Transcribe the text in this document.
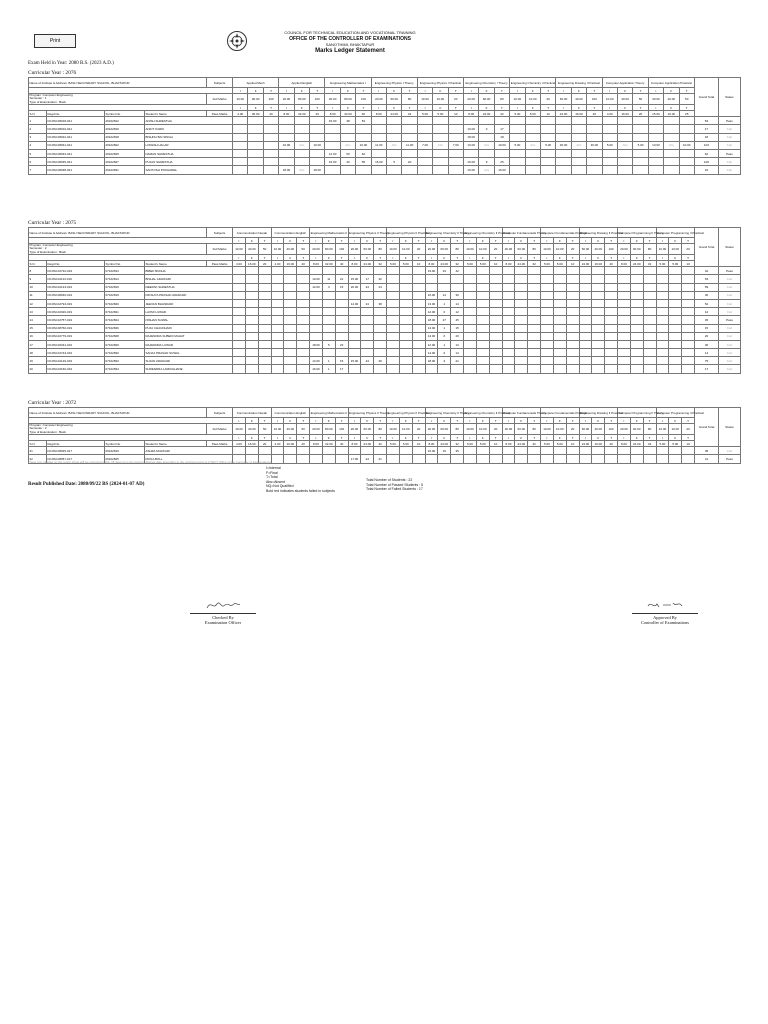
Print
COUNCIL FOR TECHNICAL EDUCATION AND VOCATIONAL TRAINING
OFFICE OF THE CONTROLLER OF EXAMINATIONS
SANOTHIMI, BHAKTAPUR
Marks Ledger Statement
Exam Held in Year: 2080 B.S. (2023 A.D.)
Curricular Year : 2076
Name of Institute & Address: BASU SECONDARY SCHOOL, BHAKTAPUR				Subjects	Applied Mech			Applied English			Engineering Mathematics I			Engineering Physics I Theory			Engineering Physics I Practical			Engineering Chemistry I Theory			Engineering Chemistry I Practical			Engineering Drawing I Practical			Computer Application Theory			Computer Application Practical			Grand Total	Status
					I	F	T	I	F	T	I	F	T	I	F	T	I	F	T	I	F	T	I	F	T	I	F	T	I	F	T	I	F	T		

Program: Computer Engineering
Semester : 1
Type of Examination : Back				Full Marks	10.00	90.00	100	20.00	80.00	100	20.00	80.00	100	20.00	60.00	80	10.00	10.00	20	20.00	60.00	80	10.00	10.00	20	60.00	40.00	100	10.00	40.00	50	30.00	20.00	50		
					I	F	T	I	F	T	I	F	T	I	F	T	I	F	T	I	F	T	I	F	T	I	F	T	I	F	T	I	F	T		
S.N.	Regd No.	Symbol No.	Student's Name	Pass Marks	4.00	36.00	40	8.00	32.00	40	8.00	32.00	40	8.00	24.00	32	5.00	5.00	10	8.00	24.00	32	5.00	5.00	10	24.00	16.00	40	4.00	16.00	20	15.00	10.00	25		
1	DCOM-08018-021	29102812	ANISH SHRESTHA								15.00	38	53																						53	Pass
2	DCOM-08019-021	29102816	ANKIT KARKI																	10.00	3	17													17	Fail
3	DCOM-08022-021	29102818	BISHNU BAI SINGH																	18.00		18													18	Fail
4	DCOM-08031-021	29102822	LOKESH HALAR					10.00	Abs	10.00		Abs	10.00	11.00	Abs	11.00	7.00	Abs	7.00	10.00	Abs	10.00	5.00	Abs	5.00	30.00	Abs	30.00	5.00	Abs	5.00	10.00	Abs	10.00	104	Fail
5	DCOM-08033-021	29102825	NAMAN SHRESTHA								12.00	50	62																						62	Pass
6	DCOM-08035-021	29102827	PUJAN SHRESTHA								15.00	40	55	15.00	5	20				16.00	9	25													100	Fail
7	DCOM-08038-021	29102831	SANTOSH POKHAREL					18.00	Abs	18.00										16.00	Abs	16.00													34	Fail
Curricular Year : 2075
Name of Institute & Address: BASU SECONDARY SCHOOL, BHAKTAPUR				Subjects	Communication Nepali			Communication English			Engineering Mathematics II			Engineering Physics II Theory			Engineering Physics II Practical			Engineering Chemistry II Theory			Engineering Chemistry II Practical			Computer Fundamentals Theory			Computer Fundamentals Practical			Engineering Drawing II Practical			Computer Programming II Theory			Computer Programming II Practical			Grand Total	Status
					I	F	T	I	F	T	I	F	T	I	F	T	I	F	T	I	F	T	I	F	T	I	F	T	I	F	T	I	F	T	I	F	T	I	F	T		

Program: Computer Engineering
Semester : 2
Type of Examination : Back				Full Marks	10.00	40.00	50	10.00	40.00	50	20.00	80.00	100	20.00	60.00	80	10.00	10.00	20	20.00	60.00	80	10.00	10.00	20	20.00	60.00	80	10.00	10.00	20	60.00	40.00	100	20.00	60.00	80	10.00	10.00	20		
					I	F	T	I	F	T	I	F	T	I	F	T	I	F	T	I	F	T	I	F	T	I	F	T	I	F	T	I	F	T	I	F	T	I	F	T		
S.N.	Regd No.	Symbol No.	Student's Name	Pass Marks	4.00	16.00	20	4.00	16.00	20	8.00	32.00	40	8.00	24.00	32	5.00	5.00	10	8.00	24.00	32	5.00	5.00	10	8.00	24.00	32	5.00	5.00	10	24.00	16.00	40	8.00	24.00	32	5.00	5.00	10		
8	DCOM-02732-019	07102813	BIBEK BUDHA																	19.00	23	42																			42	Pass
9	DCOM-02113-019	07102814	BISHAL ADHIKARI								10.00	11	21	15.00	17	32																									53	Fail
10	DCOM-02124-019	07102816	DEEPAK SHRESTHA								12.00	3	15	20.00	24	44																									59	Fail
11	DCOM-08046-019	07102819	DIKSHYA PRASAD ADHIKARI																	16.00	14	30																			30	Fail
12	DCOM-02794-019	07102820	JEEVAN BHANDARI											14.00	24	38				13.00	1	14																			52	Fail
13	DCOM-02020-019	07102821	LAXMI LUWAR																	12.00	0	12																			12	Fail
14	DCOM-02757-019	07102824	NISHAN SUWAL																	18.00	27	45																			45	Pass
15	DCOM-08760-019	07102826	PUJA CHAUDHARI																	14.00	1	15																			15	Fail
16	DCOM-02779-019	07102828	RAJENDRA SUBEDI MAHAT																	14.00	6	20																			20	Fail
17	DCOM-06331-019	07102829	RAJENDRA LUWAR								18.00	5	23							12.00	1	13																			36	Fail
18	DCOM-02743-019	07102830	SANAJ PRASAD SUWAL																	14.00	0	14																			14	Fail
19	DCOM-02129-019	07102833	SUJAN ADHIKARI								14.00	1	15	15.00	24	39				18.00	3	21																			75	Fail
20	DCOM-02160-019	07102834	SURENDRA LAMICHHANE								16.00	1	17																												17	Fail
Curricular Year : 2072
Name of Institute & Address: BASU SECONDARY SCHOOL, BHAKTAPUR				Subjects	Communication Nepali			Communication English			Engineering Mathematics II			Engineering Physics II Theory			Engineering Physics II Practical			Engineering Chemistry II Theory			Engineering Chemistry II Practical			Computer Fundamentals Theory			Computer Fundamentals Practical			Engineering Drawing II Practical			Computer Programming II Theory			Computer Programming II Practical			Grand Total	Status
					I	F	T	I	F	T	I	F	T	I	F	T	I	F	T	I	F	T	I	F	T	I	F	T	I	F	T	I	F	T	I	F	T	I	F	T		

Program: Computer Engineering
Semester : 2
Type of Examination : Back				Full Marks	10.00	40.00	50	10.00	40.00	50	20.00	80.00	100	20.00	60.00	80	10.00	10.00	20	20.00	60.00	80	10.00	10.00	20	20.00	60.00	80	10.00	10.00	20	60.00	40.00	100	20.00	60.00	80	10.00	10.00	20		
					I	F	T	I	F	T	I	F	T	I	F	T	I	F	T	I	F	T	I	F	T	I	F	T	I	F	T	I	F	T	I	F	T	I	F	T		
S.N.	Regd No.	Symbol No.	Student's Name	Pass Marks	4.00	16.00	20	4.00	16.00	20	8.00	32.00	40	8.00	24.00	32	5.00	5.00	10	8.00	24.00	32	5.00	5.00	10	8.00	24.00	32	5.00	5.00	10	24.00	16.00	40	8.00	24.00	32	5.00	5.00	10		
21	DCOM-08035-017	09102819	ASHIM ADHIKARI																	16.00	19	35																			35	Fail
22	DCOM-08057-017	09102825	MUNA BOLL											17.00	24	41																									41	Pass
These any mistake on the report sheet will be corrected within 35 days from the result published date according to the original record of CTEVT Office of the Controller of Examinations.
I=Internal
F=Final
T=Total
Abs=Absent
NQ=Not Qualified
Bold red indicates students failed in subjects
Total Number of Students : 22
Total Number of Passed Students : 5
Total Number of Failed Students : 17
Result Published Date: 2080/09/22 BS (2024-01-07 AD)
Checked By
Examination Officer
Approved By
Controller of Examinations
